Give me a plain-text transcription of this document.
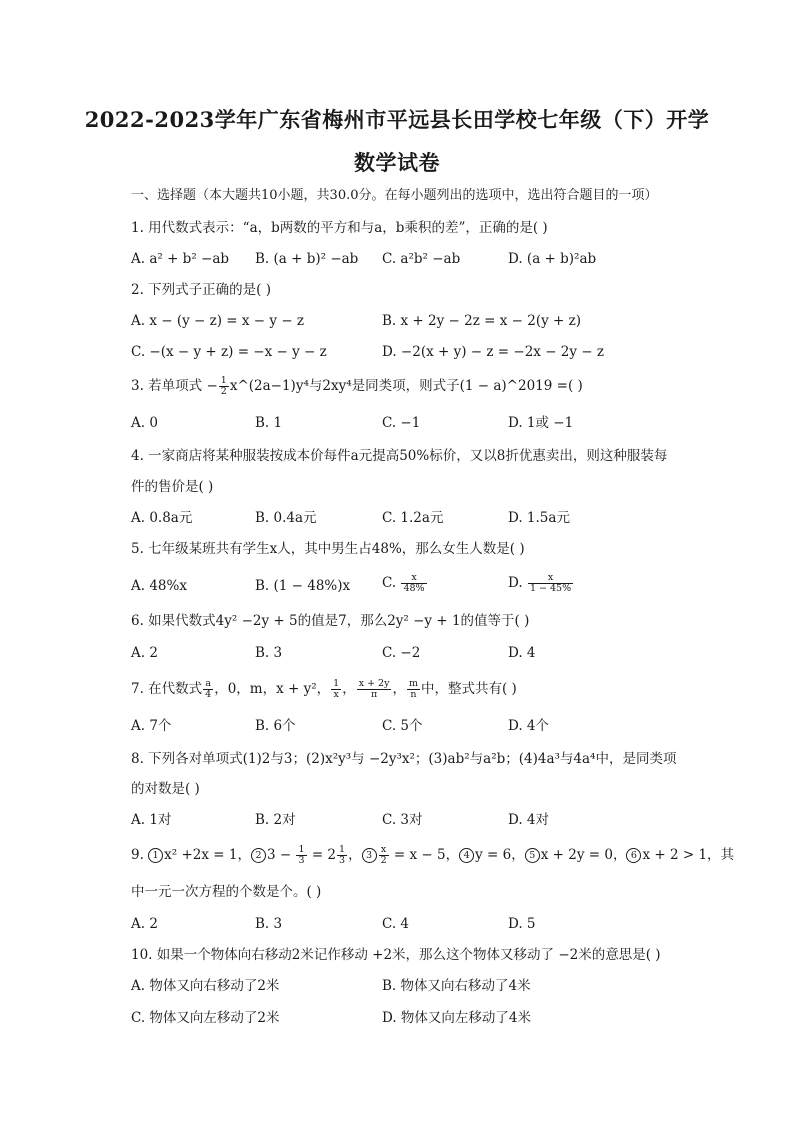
2022-2023学年广东省梅州市平远县长田学校七年级（下）开学
数学试卷
一、选择题（本大题共10小题，共30.0分。在每小题列出的选项中，选出符合题目的一项）
1. 用代数式表示：“a，b两数的平方和与a，b乘积的差”，正确的是( )
A. a² + b² −ab B. (a + b)² −ab C. a²b² −ab	D. (a + b)²ab
2. 下列式子正确的是( )
A. x − (y − z) = x − y − z	B. x + 2y − 2z = x − 2(y + z)
C. −(x − y + z) = −x − y − z	D. −2(x + y) − z = −2x − 2y − z
3. 若单项式 − $\frac{1}{2}$ x^(2a−1)y⁴与2xy⁴是同类项，则式子(1 − a)^2019 =( )
A. 0	B. 1	C. −1	D. 1或 −1
4. 一家商店将某种服装按成本价每件a元提高50%标价，又以8折优惠卖出，则这种服装每
件的售价是( )
A. 0.8a元	B. 0.4a元	C. 1.2a元	D. 1.5a元
5. 七年级某班共有学生x人，其中男生占48%，那么女生人数是( )
A. 48%x	B. (1 − 48%)x C. $\frac{x}{48\%}$	D. $\frac{x}{1 - 45\%}$
6. 如果代数式4y² −2y + 5的值是7，那么2y² −y + 1的值等于( )
A. 2	B. 3	C. −2	D. 4
7. 在代数式 $\frac{a}{4}$ ，0，m，x + y²， $\frac{1}{x}$ ， $\frac{x + 2y}{\pi}$ ， $\frac{m}{n}$ 中，整式共有( )
A. 7个	B. 6个	C. 5个	D. 4个
8. 下列各对单项式(1)2与3；(2)x²y³与 −2y³x²；(3)ab²与a²b；(4)4a³与4a⁴中，是同类项
的对数是( )
A. 1对	B. 2对	C. 3对	D. 4对
9. 1 x² +2x = 1， 2 $3 - \frac{1}{3} = 2 \frac{1}{3}$ ， $3 \frac{x}{2} = x - 5$， 4 y = 6， 5 x + 2y = 0， 6 x + 2 > 1，其
中一元一次方程的个数是个。( )
A. 2	B. 3	C. 4	D. 5
10. 如果一个物体向右移动2米记作移动 +2米，那么这个物体又移动了 −2米的意思是( )
A. 物体又向右移动了2米	B. 物体又向右移动了4米
C. 物体又向左移动了2米	D. 物体又向左移动了4米
